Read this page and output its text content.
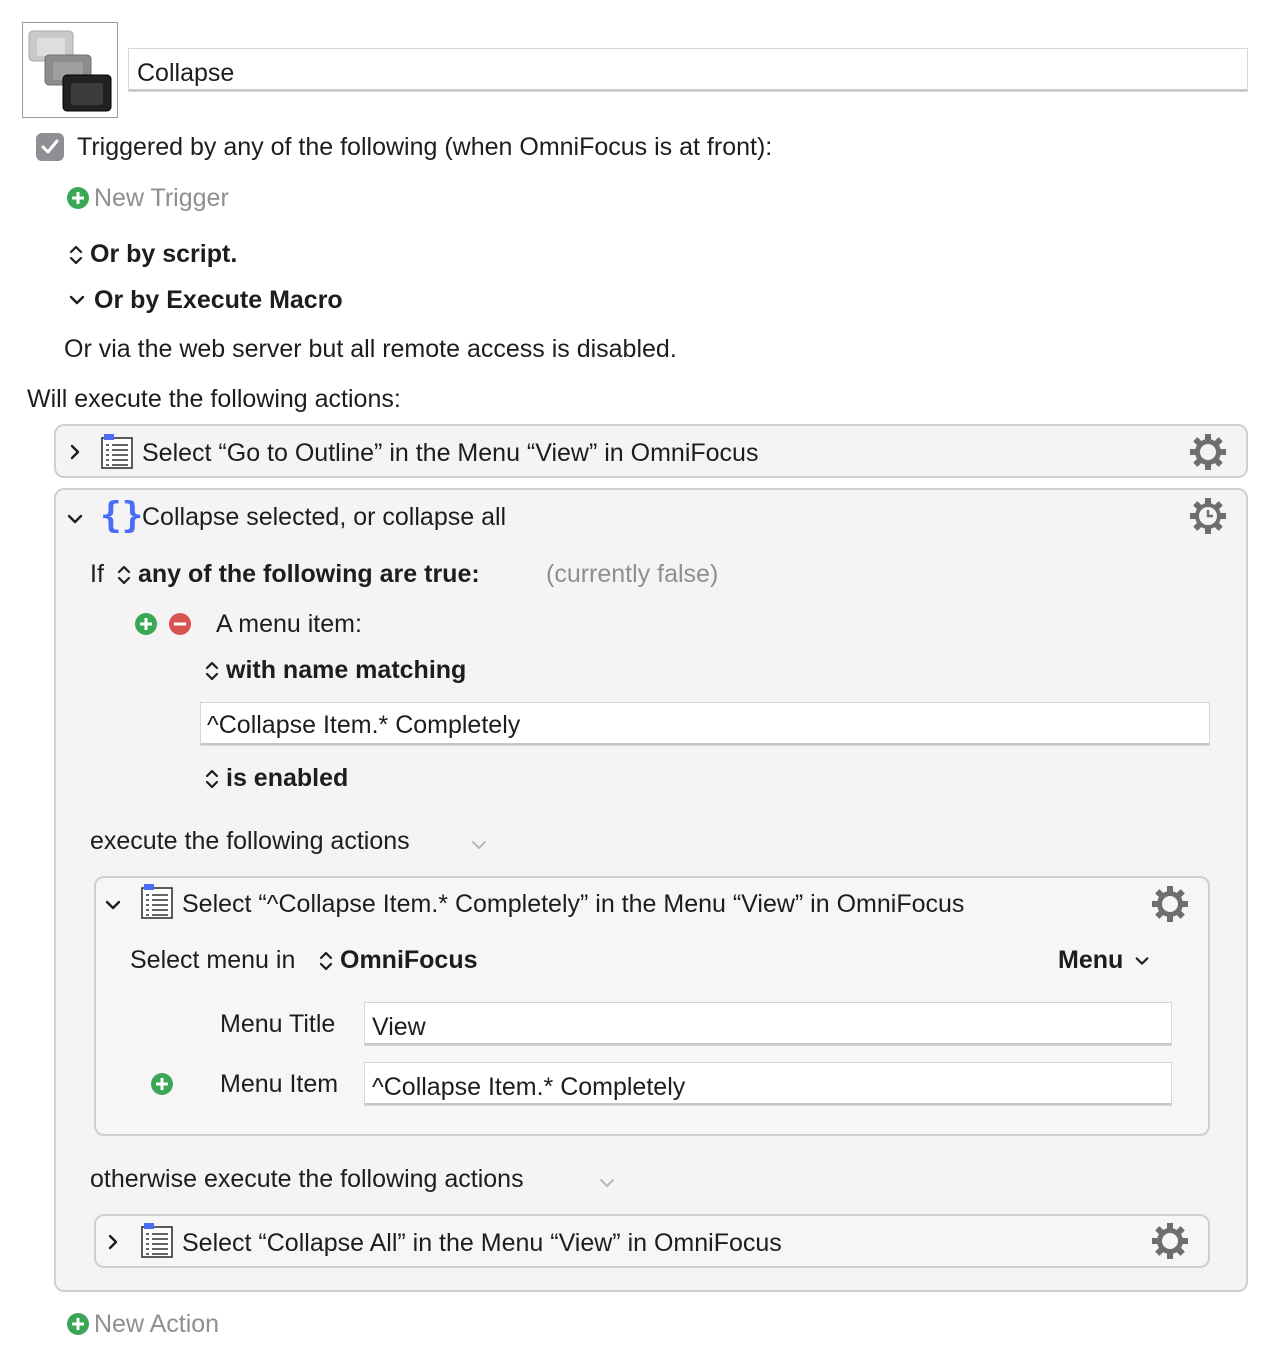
Collapse
Triggered by any of the following (when OmniFocus is at front):
New Trigger
Or by script.
Or by Execute Macro
Or via the web server but all remote access is disabled.
Will execute the following actions:
Select “Go to Outline” in the Menu “View” in OmniFocus
{}
Collapse selected, or collapse all
If	any of the following are true:	(currently false)
A menu item:
with name matching
^Collapse Item.* Completely
is enabled
execute the following actions
Select “^Collapse Item.* Completely” in the Menu “View” in OmniFocus
Select menu in	OmniFocus	Menu
Menu Title	View
Menu Item	^Collapse Item.* Completely
otherwise execute the following actions
Select “Collapse All” in the Menu “View” in OmniFocus
New Action
